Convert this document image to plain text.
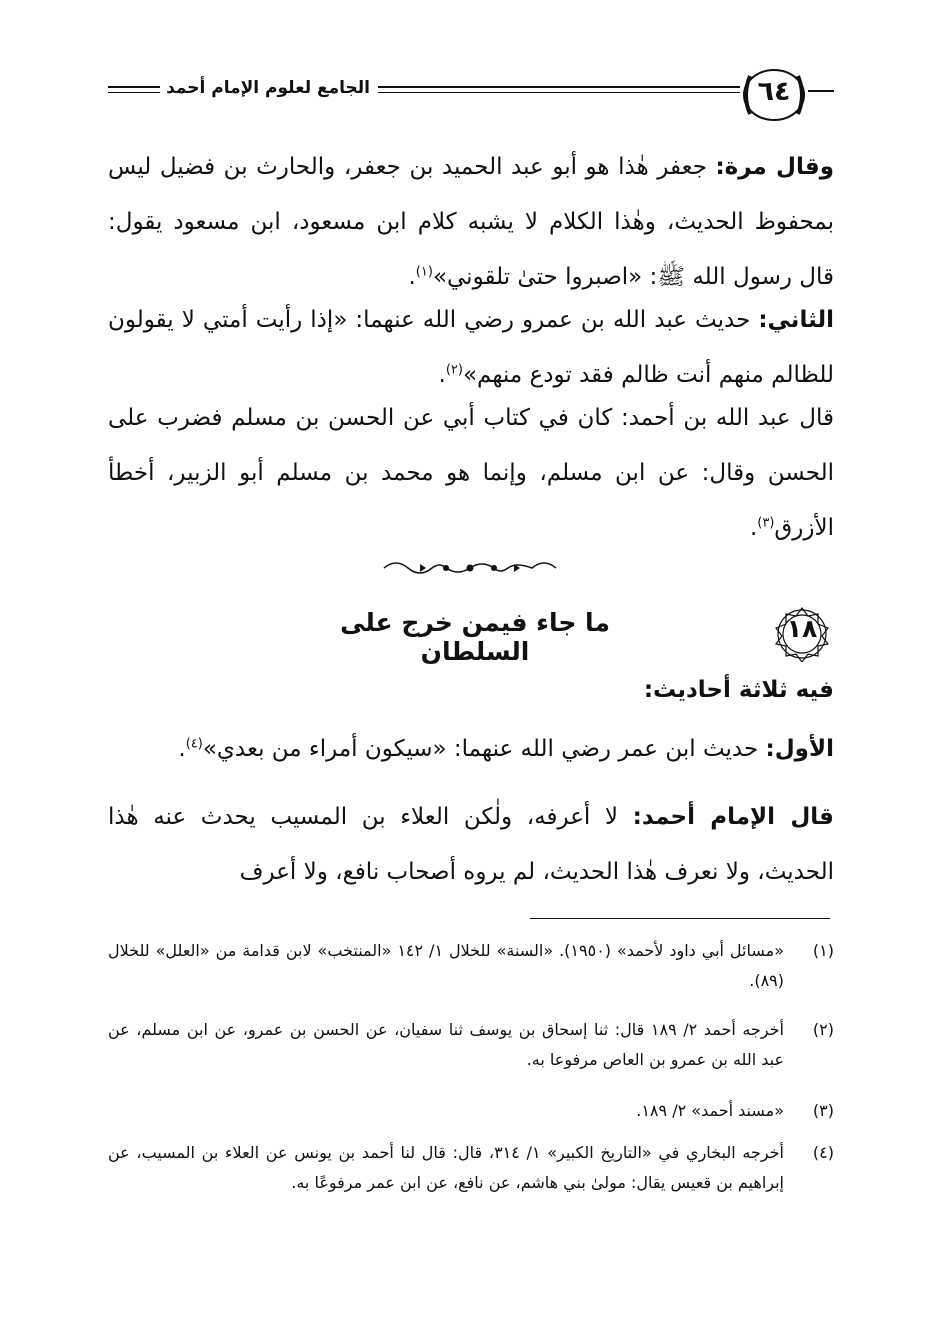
الجامع لعلوم الإمام أحمد	٦٤
وقال مرة: جعفر هٰذا هو أبو عبد الحميد بن جعفر، والحارث بن فضيل ليس بمحفوظ الحديث، وهٰذا الكلام لا يشبه كلام ابن مسعود، ابن مسعود يقول: قال رسول الله ﷺ: «اصبروا حتىٰ تلقوني»$^{(١)}$.
الثاني: حديث عبد الله بن عمرو رضي الله عنهما: «إذا رأيت أمتي لا يقولون للظالم منهم أنت ظالم فقد تودع منهم»$^{(٢)}$.
قال عبد الله بن أحمد: كان في كتاب أبي عن الحسن بن مسلم فضرب على الحسن وقال: عن ابن مسلم، وإنما هو محمد بن مسلم أبو الزبير، أخطأ الأزرق$^{(٣)}$.
١٨
ما جاء فيمن خرج على السلطان
فيه ثلاثة أحاديث:
الأول: حديث ابن عمر رضي الله عنهما: «سيكون أمراء من بعدي»$^{(٤)}$.
قال الإمام أحمد: لا أعرفه، ولٰكن العلاء بن المسيب يحدث عنه هٰذا الحديث، ولا نعرف هٰذا الحديث، لم يروه أصحاب نافع، ولا أعرف
(١)
«مسائل أبي داود لأحمد» (١٩٥٠). «السنة» للخلال ١/ ١٤٢ «المنتخب» لابن قدامة من «العلل» للخلال (٨٩).
(٢)
أخرجه أحمد ٢/ ١٨٩ قال: ثنا إسحاق بن يوسف ثنا سفيان، عن الحسن بن عمرو، عن ابن مسلم، عن عبد الله بن عمرو بن العاص مرفوعا به.
(٣)
«مسند أحمد» ٢/ ١٨٩.
(٤)
أخرجه البخاري في «التاريخ الكبير» ١/ ٣١٤، قال: قال لنا أحمد بن يونس عن العلاء بن المسيب، عن إبراهيم بن قعيس يقال: مولىٰ بني هاشم، عن نافع، عن ابن عمر مرفوعًا به.
